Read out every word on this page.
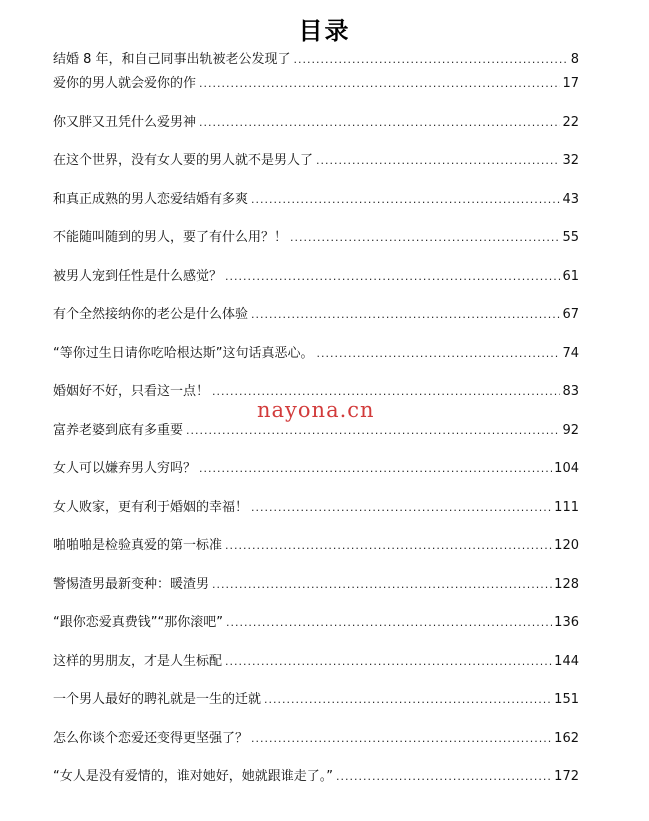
目录
结婚 8 年，和自己同事出轨被老公发现了 .....	8
爱你的男人就会爱你的作 .....	17
你又胖又丑凭什么爱男神 .....	22
在这个世界，没有女人要的男人就不是男人了 .....	32
和真正成熟的男人恋爱结婚有多爽 .....	43
不能随叫随到的男人，要了有什么用？！ .....	55
被男人宠到任性是什么感觉？ .....	61
有个全然接纳你的老公是什么体验 .....	67
“等你过生日请你吃哈根达斯”这句话真恶心。 .....	74
婚姻好不好，只看这一点！ .....	83
富养老婆到底有多重要 .....	92
女人可以嫌弃男人穷吗？ .....	104
女人败家，更有利于婚姻的幸福！ .....	111
啪啪啪是检验真爱的第一标准 .....	120
警惕渣男最新变种：暖渣男 .....	128
“跟你恋爱真费钱”“那你滚吧” .....	136
这样的男朋友，才是人生标配 .....	144
一个男人最好的聘礼就是一生的迁就 .....	151
怎么你谈个恋爱还变得更坚强了？ .....	162
“女人是没有爱情的，谁对她好，她就跟谁走了。” .....	172
nayona.cn
